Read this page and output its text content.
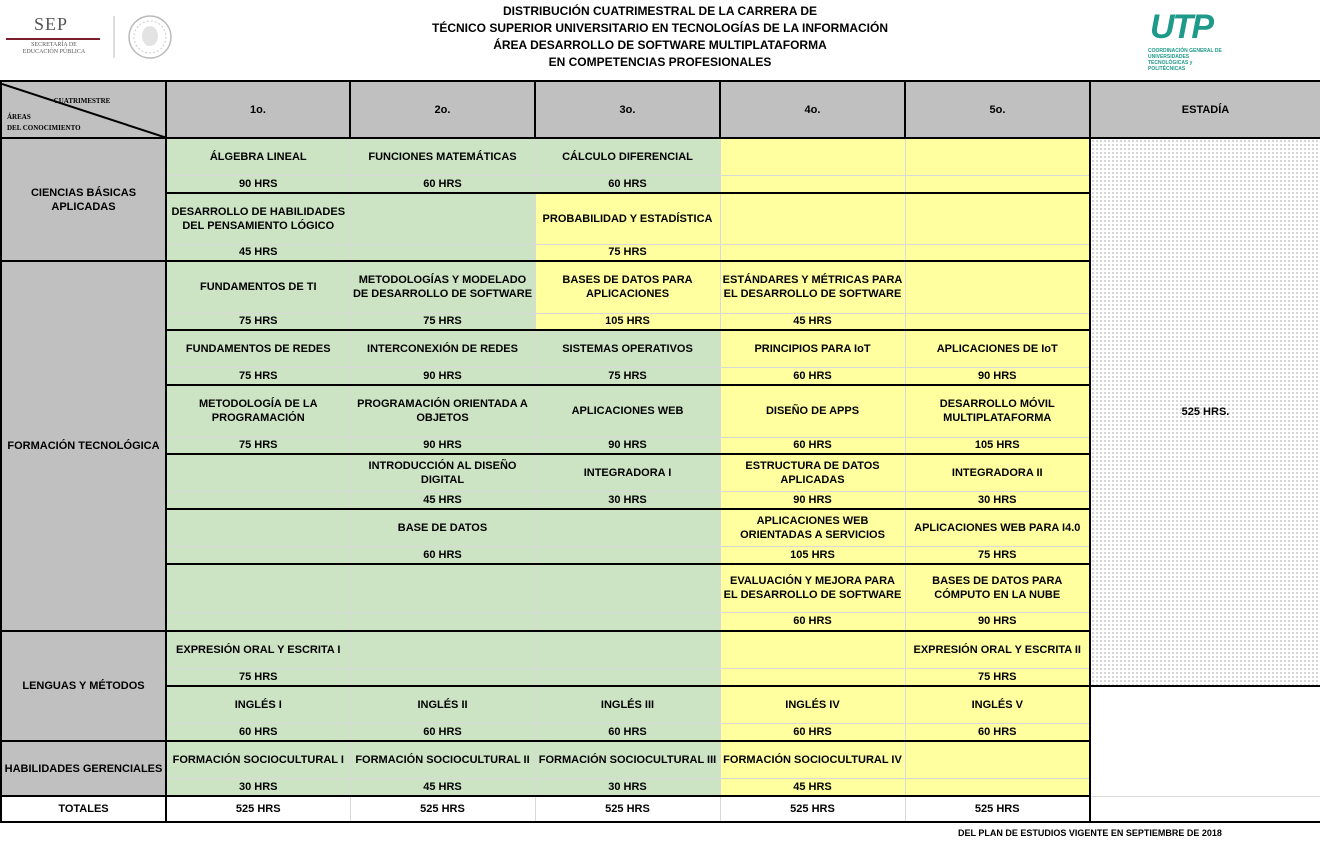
SEP
SECRETARÍA DE
EDUCACIÓN PÚBLICA
DISTRIBUCIÓN CUATRIMESTRAL DE LA CARRERA DE
TÉCNICO SUPERIOR UNIVERSITARIO EN TECNOLOGÍAS DE LA INFORMACIÓN
ÁREA DESARROLLO DE SOFTWARE MULTIPLATAFORMA
EN COMPETENCIAS PROFESIONALES
UTP
COORDINACIÓN GENERAL DE UNIVERSIDADES TECNOLÓGICAS y POLITÉCNICAS
CUATRIMESTRE
ÁREAS
DEL CONOCIMIENTO	1o.	2o.	3o.	4o.	5o.	ESTADÍA
CIENCIAS BÁSICAS APLICADAS	ÁLGEBRA LINEAL	FUNCIONES MATEMÁTICAS	CÁLCULO DIFERENCIAL			525 HRS.
	90 HRS	60 HRS	60 HRS			
	DESARROLLO DE HABILIDADES DEL PENSAMIENTO LÓGICO		PROBABILIDAD Y ESTADÍSTICA			
	45 HRS		75 HRS			
FORMACIÓN TECNOLÓGICA	FUNDAMENTOS DE TI	METODOLOGÍAS Y MODELADO DE DESARROLLO DE SOFTWARE	BASES DE DATOS PARA APLICACIONES	ESTÁNDARES Y MÉTRICAS PARA EL DESARROLLO DE SOFTWARE		
	75 HRS	75 HRS	105 HRS	45 HRS		
	FUNDAMENTOS DE REDES	INTERCONEXIÓN DE REDES	SISTEMAS OPERATIVOS	PRINCIPIOS PARA IoT	APLICACIONES DE IoT	
	75 HRS	90 HRS	75 HRS	60 HRS	90 HRS	
	METODOLOGÍA DE LA PROGRAMACIÓN	PROGRAMACIÓN ORIENTADA A OBJETOS	APLICACIONES WEB	DISEÑO DE APPS	DESARROLLO MÓVIL MULTIPLATAFORMA	
	75 HRS	90 HRS	90 HRS	60 HRS	105 HRS	
		INTRODUCCIÓN AL DISEÑO DIGITAL	INTEGRADORA I	ESTRUCTURA DE DATOS APLICADAS	INTEGRADORA II	
		45 HRS	30 HRS	90 HRS	30 HRS	
		BASE DE DATOS		APLICACIONES WEB ORIENTADAS A SERVICIOS	APLICACIONES WEB PARA I4.0	
		60 HRS		105 HRS	75 HRS	
				EVALUACIÓN Y MEJORA PARA EL DESARROLLO DE SOFTWARE	BASES DE DATOS PARA CÓMPUTO EN LA NUBE	
				60 HRS	90 HRS	
LENGUAS Y MÉTODOS	EXPRESIÓN ORAL Y ESCRITA I				EXPRESIÓN ORAL Y ESCRITA II	
	75 HRS				75 HRS	
	INGLÉS I	INGLÉS II	INGLÉS III	INGLÉS IV	INGLÉS V	
	60 HRS	60 HRS	60 HRS	60 HRS	60 HRS	
HABILIDADES GERENCIALES	FORMACIÓN SOCIOCULTURAL I	FORMACIÓN SOCIOCULTURAL II	FORMACIÓN SOCIOCULTURAL III	FORMACIÓN SOCIOCULTURAL IV		
	30 HRS	45 HRS	30 HRS	45 HRS		
TOTALES	525 HRS	525 HRS	525 HRS	525 HRS	525 HRS	
DEL PLAN DE ESTUDIOS VIGENTE EN SEPTIEMBRE DE 2018
